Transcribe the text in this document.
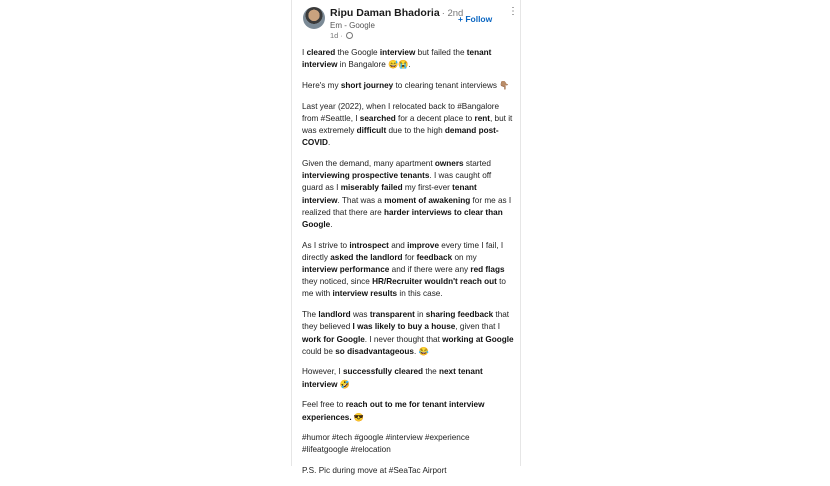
Ripu Daman Bhadoria · 2nd
Em - Google
1d ·
+ Follow
⋮

I cleared the Google interview but failed the tenant interview in Bangalore 😅😭.

Here's my short journey to clearing tenant interviews 👇🏽

Last year (2022), when I relocated back to #Bangalore from #Seattle, I searched for a decent place to rent, but it was extremely difficult due to the high demand post-COVID.

Given the demand, many apartment owners started interviewing prospective tenants. I was caught off guard as I miserably failed my first-ever tenant interview. That was a moment of awakening for me as I realized that there are harder interviews to clear than Google.

As I strive to introspect and improve every time I fail, I directly asked the landlord for feedback on my interview performance and if there were any red flags they noticed, since HR/Recruiter wouldn't reach out to me with interview results in this case.

The landlord was transparent in sharing feedback that they believed I was likely to buy a house, given that I work for Google. I never thought that working at Google could be so disadvantageous. 😂

However, I successfully cleared the next tenant interview 🤣

Feel free to reach out to me for tenant interview experiences. 😎

#humor #tech #google #interview #experience #lifeatgoogle #relocation

P.S. Pic during move at #SeaTac Airport
